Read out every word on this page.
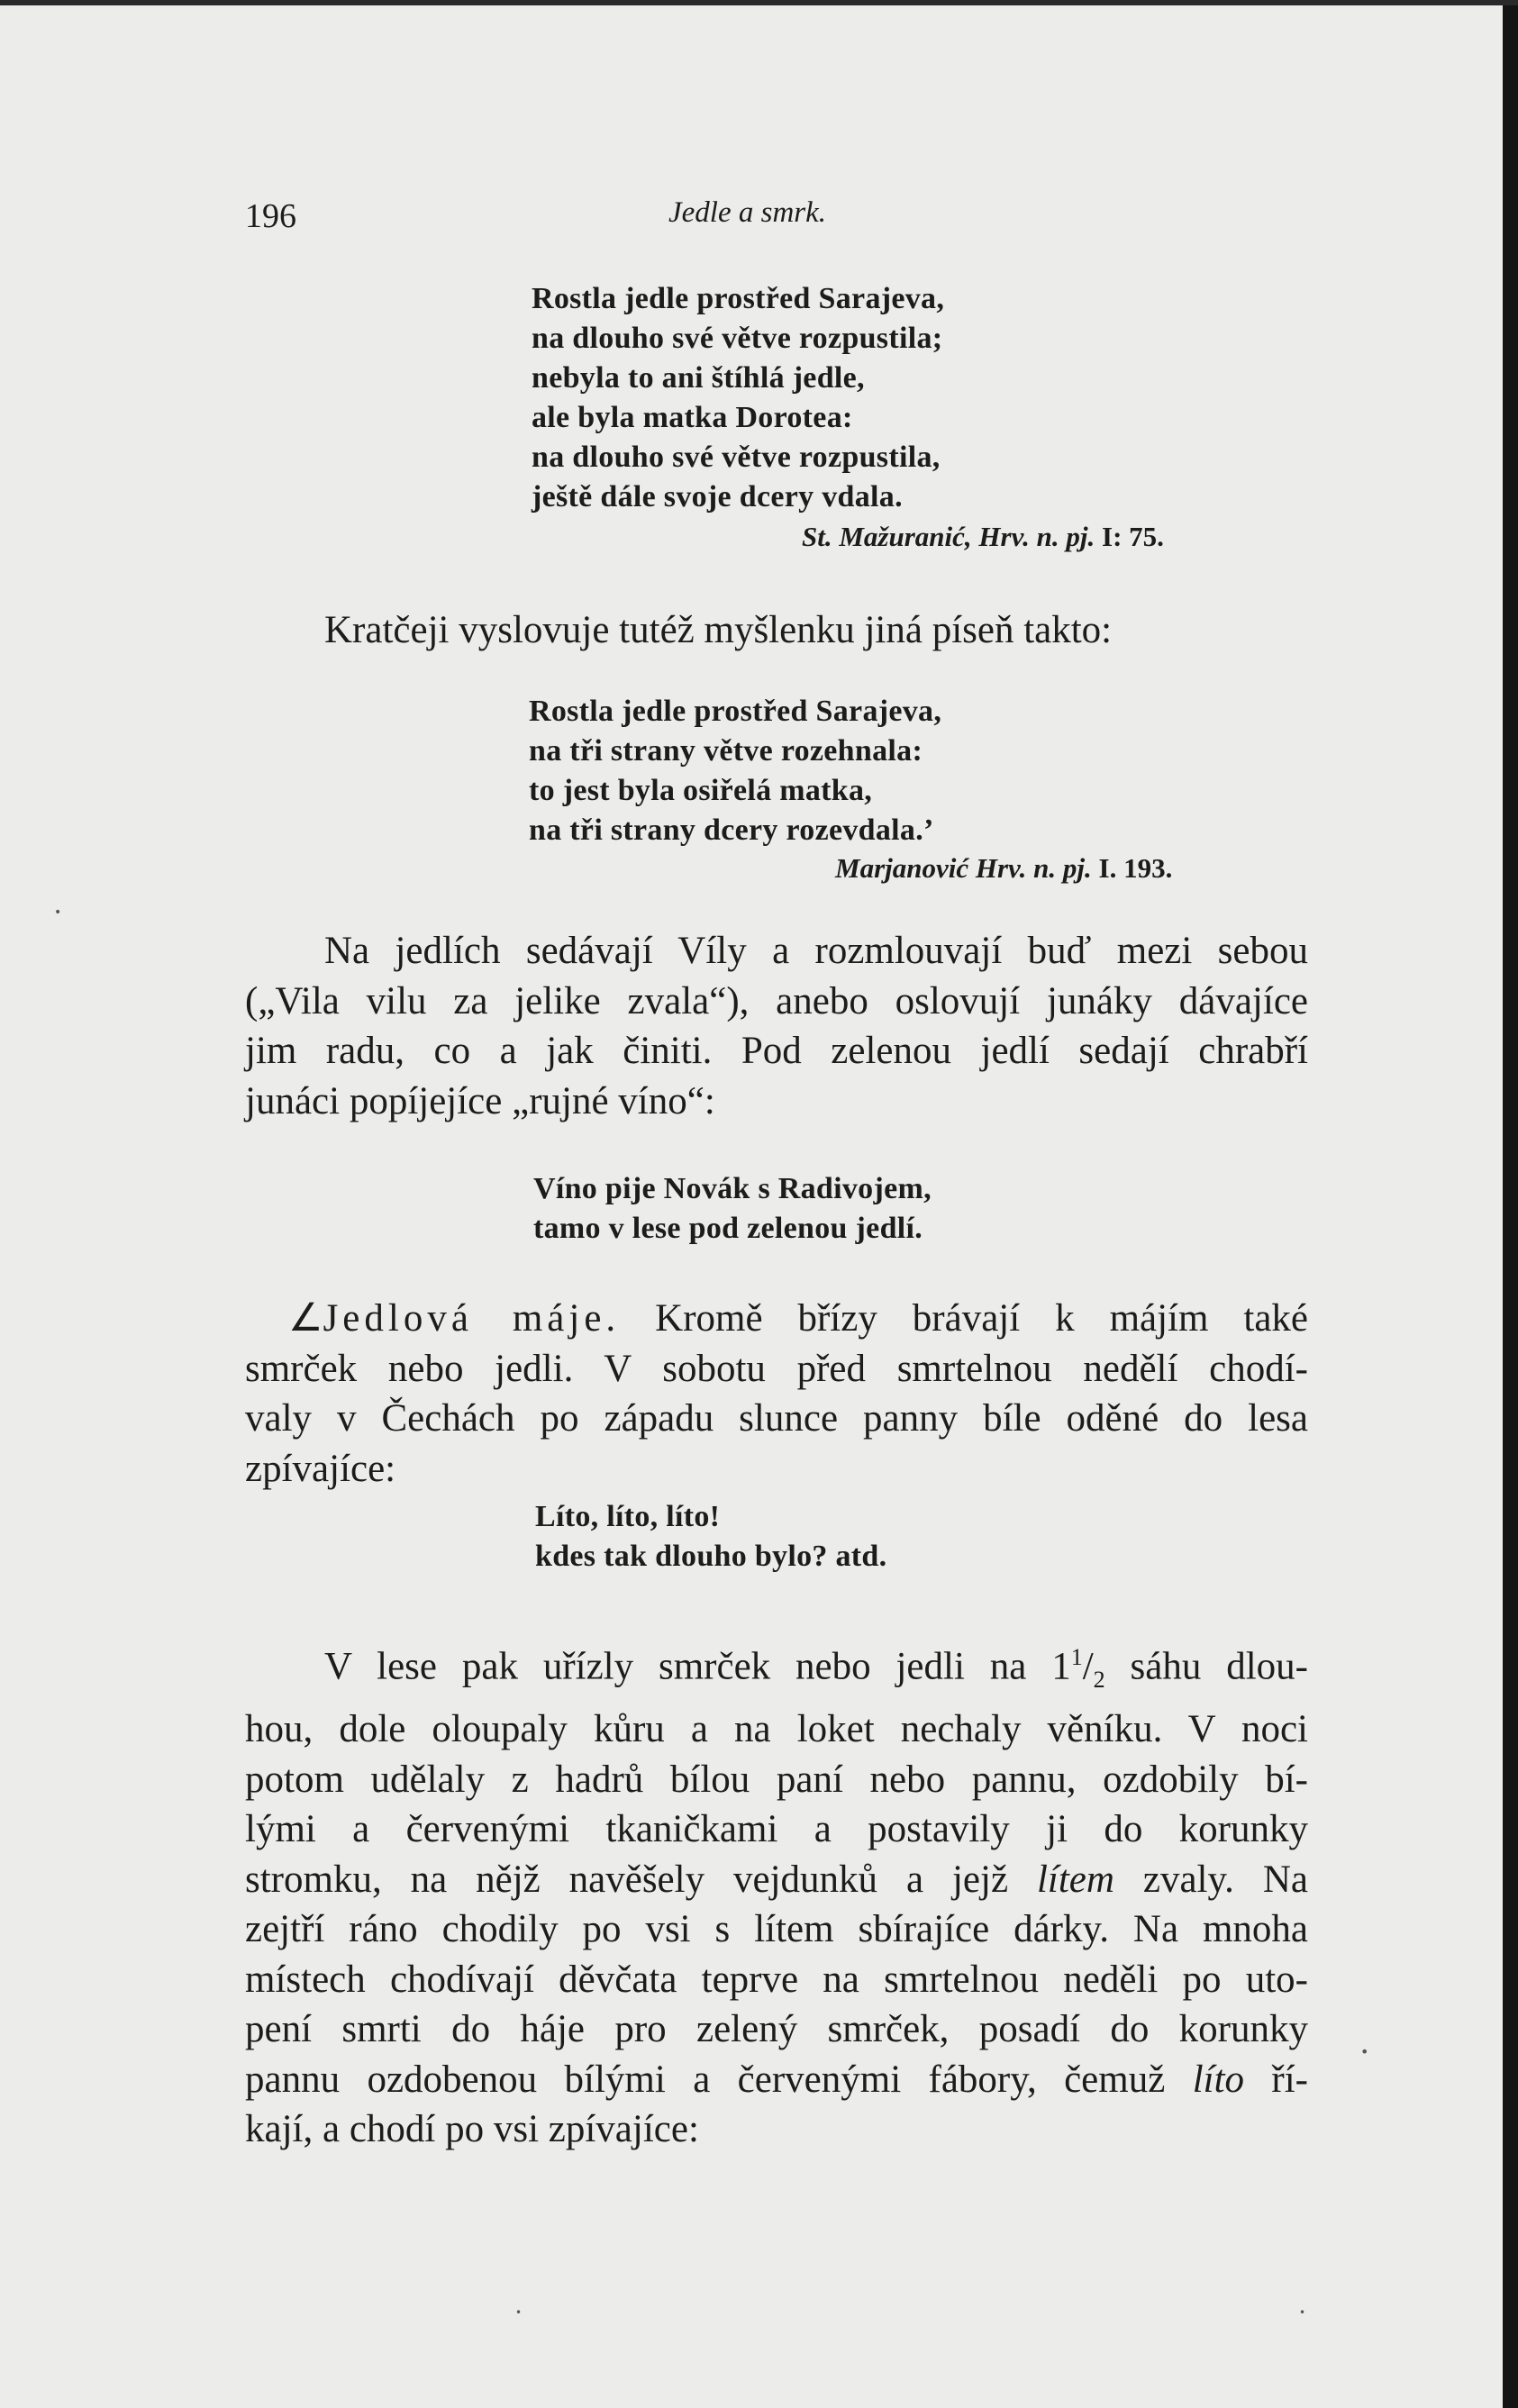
196	Jedle a smrk.
Rostla jedle prostřed Sarajeva,
na dlouho své větve rozpustila;
nebyla to ani štíhlá jedle,
ale byla matka Dorotea:
na dlouho své větve rozpustila,
ještě dále svoje dcery vdala.
St. Mažuranić, Hrv. n. pj. I: 75.
Kratčeji vyslovuje tutéž myšlenku jiná píseň takto:
Rostla jedle prostřed Sarajeva,
na tři strany větve rozehnala:
to jest byla osiřelá matka,
na tři strany dcery rozevdala.’
Marjanović Hrv. n. pj. I. 193.
Na jedlích sedávají Víly a rozmlouvají buď mezi sebou
(„Vila vilu za jelike zvala“), anebo oslovují junáky dávajíce
jim radu, co a jak činiti. Pod zelenou jedlí sedají chrabří
junáci popíjejíce „rujné víno“:
Víno pije Novák s Radivojem,
tamo v lese pod zelenou jedlí.
∠Jedlová máje. Kromě břízy brávají k májím také
smrček nebo jedli. V sobotu před smrtelnou nedělí chodí-
valy v Čechách po západu slunce panny bíle oděné do lesa
zpívajíce:
Líto, líto, líto!
kdes tak dlouho bylo? atd.
V lese pak uřízly smrček nebo jedli na $1^1/_2$ sáhu dlou-
hou, dole oloupaly kůru a na loket nechaly věníku. V noci
potom udělaly z hadrů bílou paní nebo pannu, ozdobily bí-
lými a červenými tkaničkami a postavily ji do korunky
stromku, na nějž navěšely vejdunků a jejž lítem zvaly. Na
zejtří ráno chodily po vsi s lítem sbírajíce dárky. Na mnoha
místech chodívají děvčata teprve na smrtelnou neděli po uto-
pení smrti do háje pro zelený smrček, posadí do korunky
pannu ozdobenou bílými a červenými fábory, čemuž líto ří-
kají, a chodí po vsi zpívajíce:
•
•
•	•
